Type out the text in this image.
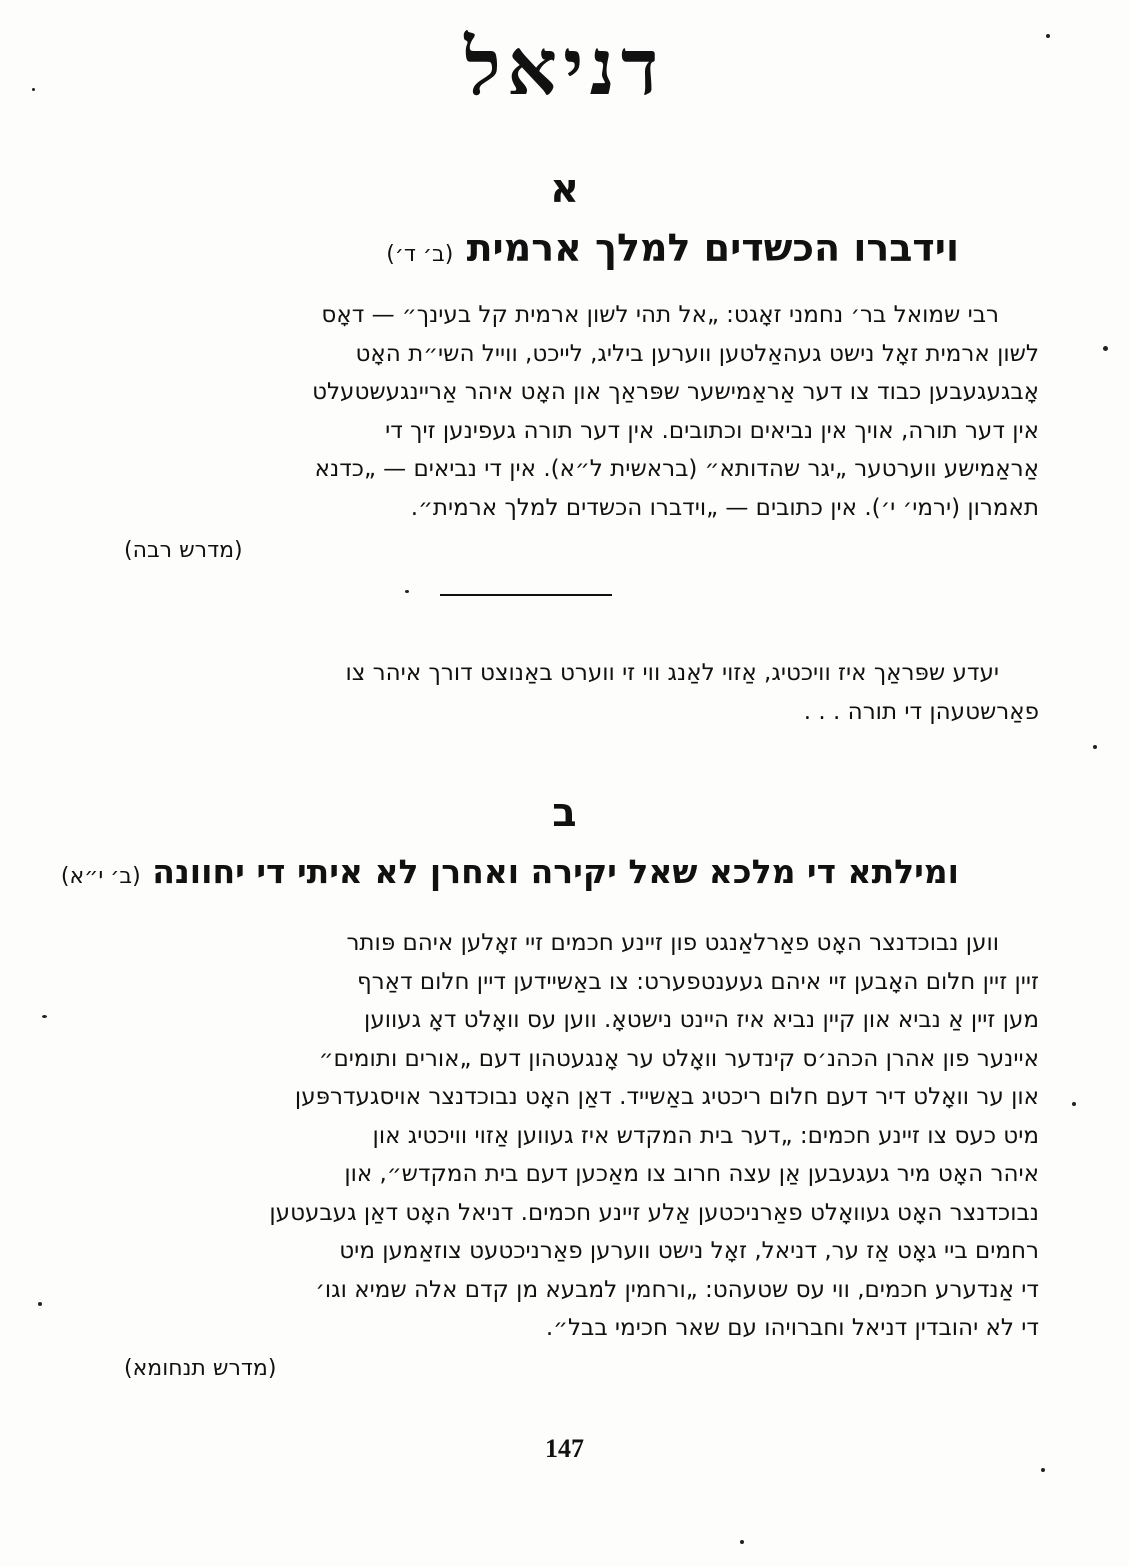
דניאל
א
וידברו הכשדים למלך ארמית (ב׳ ד׳)
רבי שמואל בר׳ נחמני זאָגט: „אל תהי לשון ארמית קל בעינך״ — דאָס
לשון ארמית זאָל נישט געהאַלטען ווערען ביליג, לייכט, ווייל השי״ת האָט
אָבגעגעבען כבוד צו דער אַראַמישער שפּראַך און האָט איהר אַריינגעשטעלט
אין דער תורה, אויך אין נביאים וכתובים. אין דער תורה געפינען זיך די
אַראַמישע ווערטער „יגר שהדותא״ (בראשית ל״א). אין די נביאים — „כדנא
תאמרון (ירמי׳ י׳). אין כתובים — „וידברו הכשדים למלך ארמית״.
(מדרש רבה)
יעדע שפּראַך איז וויכטיג, אַזוי לאַנג ווי זי ווערט באַנוצט דורך איהר צו
פאַרשטעהן די תורה . . .
ב
ומילתא די מלכא שאל יקירה ואחרן לא איתי די יחוונה (ב׳ י״א)
ווען נבוכדנצר האָט פאַרלאַנגט פון זיינע חכמים זיי זאָלען איהם פּותר
זיין זיין חלום האָבען זיי איהם געענטפערט: צו באַשיידען דיין חלום דאַרף
מען זיין אַ נביא און קיין נביא איז היינט נישטאָ. ווען עס וואָלט דאָ געווען
איינער פון אהרן הכהנ׳ס קינדער וואָלט ער אָנגעטהון דעם „אורים ותומים״
און ער וואָלט דיר דעם חלום ריכטיג באַשייד. דאַן האָט נבוכדנצר אויסגעדרפּען
מיט כעס צו זיינע חכמים: „דער בית המקדש איז געווען אַזוי וויכטיג און
איהר האָט מיר געגעבען אַן עצה חרוב צו מאַכען דעם בית המקדש״, און
נבוכדנצר האָט געוואָלט פאַרניכטען אַלע זיינע חכמים. דניאל האָט דאַן געבעטען
רחמים ביי גאָט אַז ער, דניאל, זאָל נישט ווערען פאַרניכטעט צוזאַמען מיט
די אַנדערע חכמים, ווי עס שטעהט: „ורחמין למבעא מן קדם אלה שמיא וגו׳
די לא יהובדין דניאל וחברויהו עם שאר חכימי בבל״.
(מדרש תנחומא)
147
